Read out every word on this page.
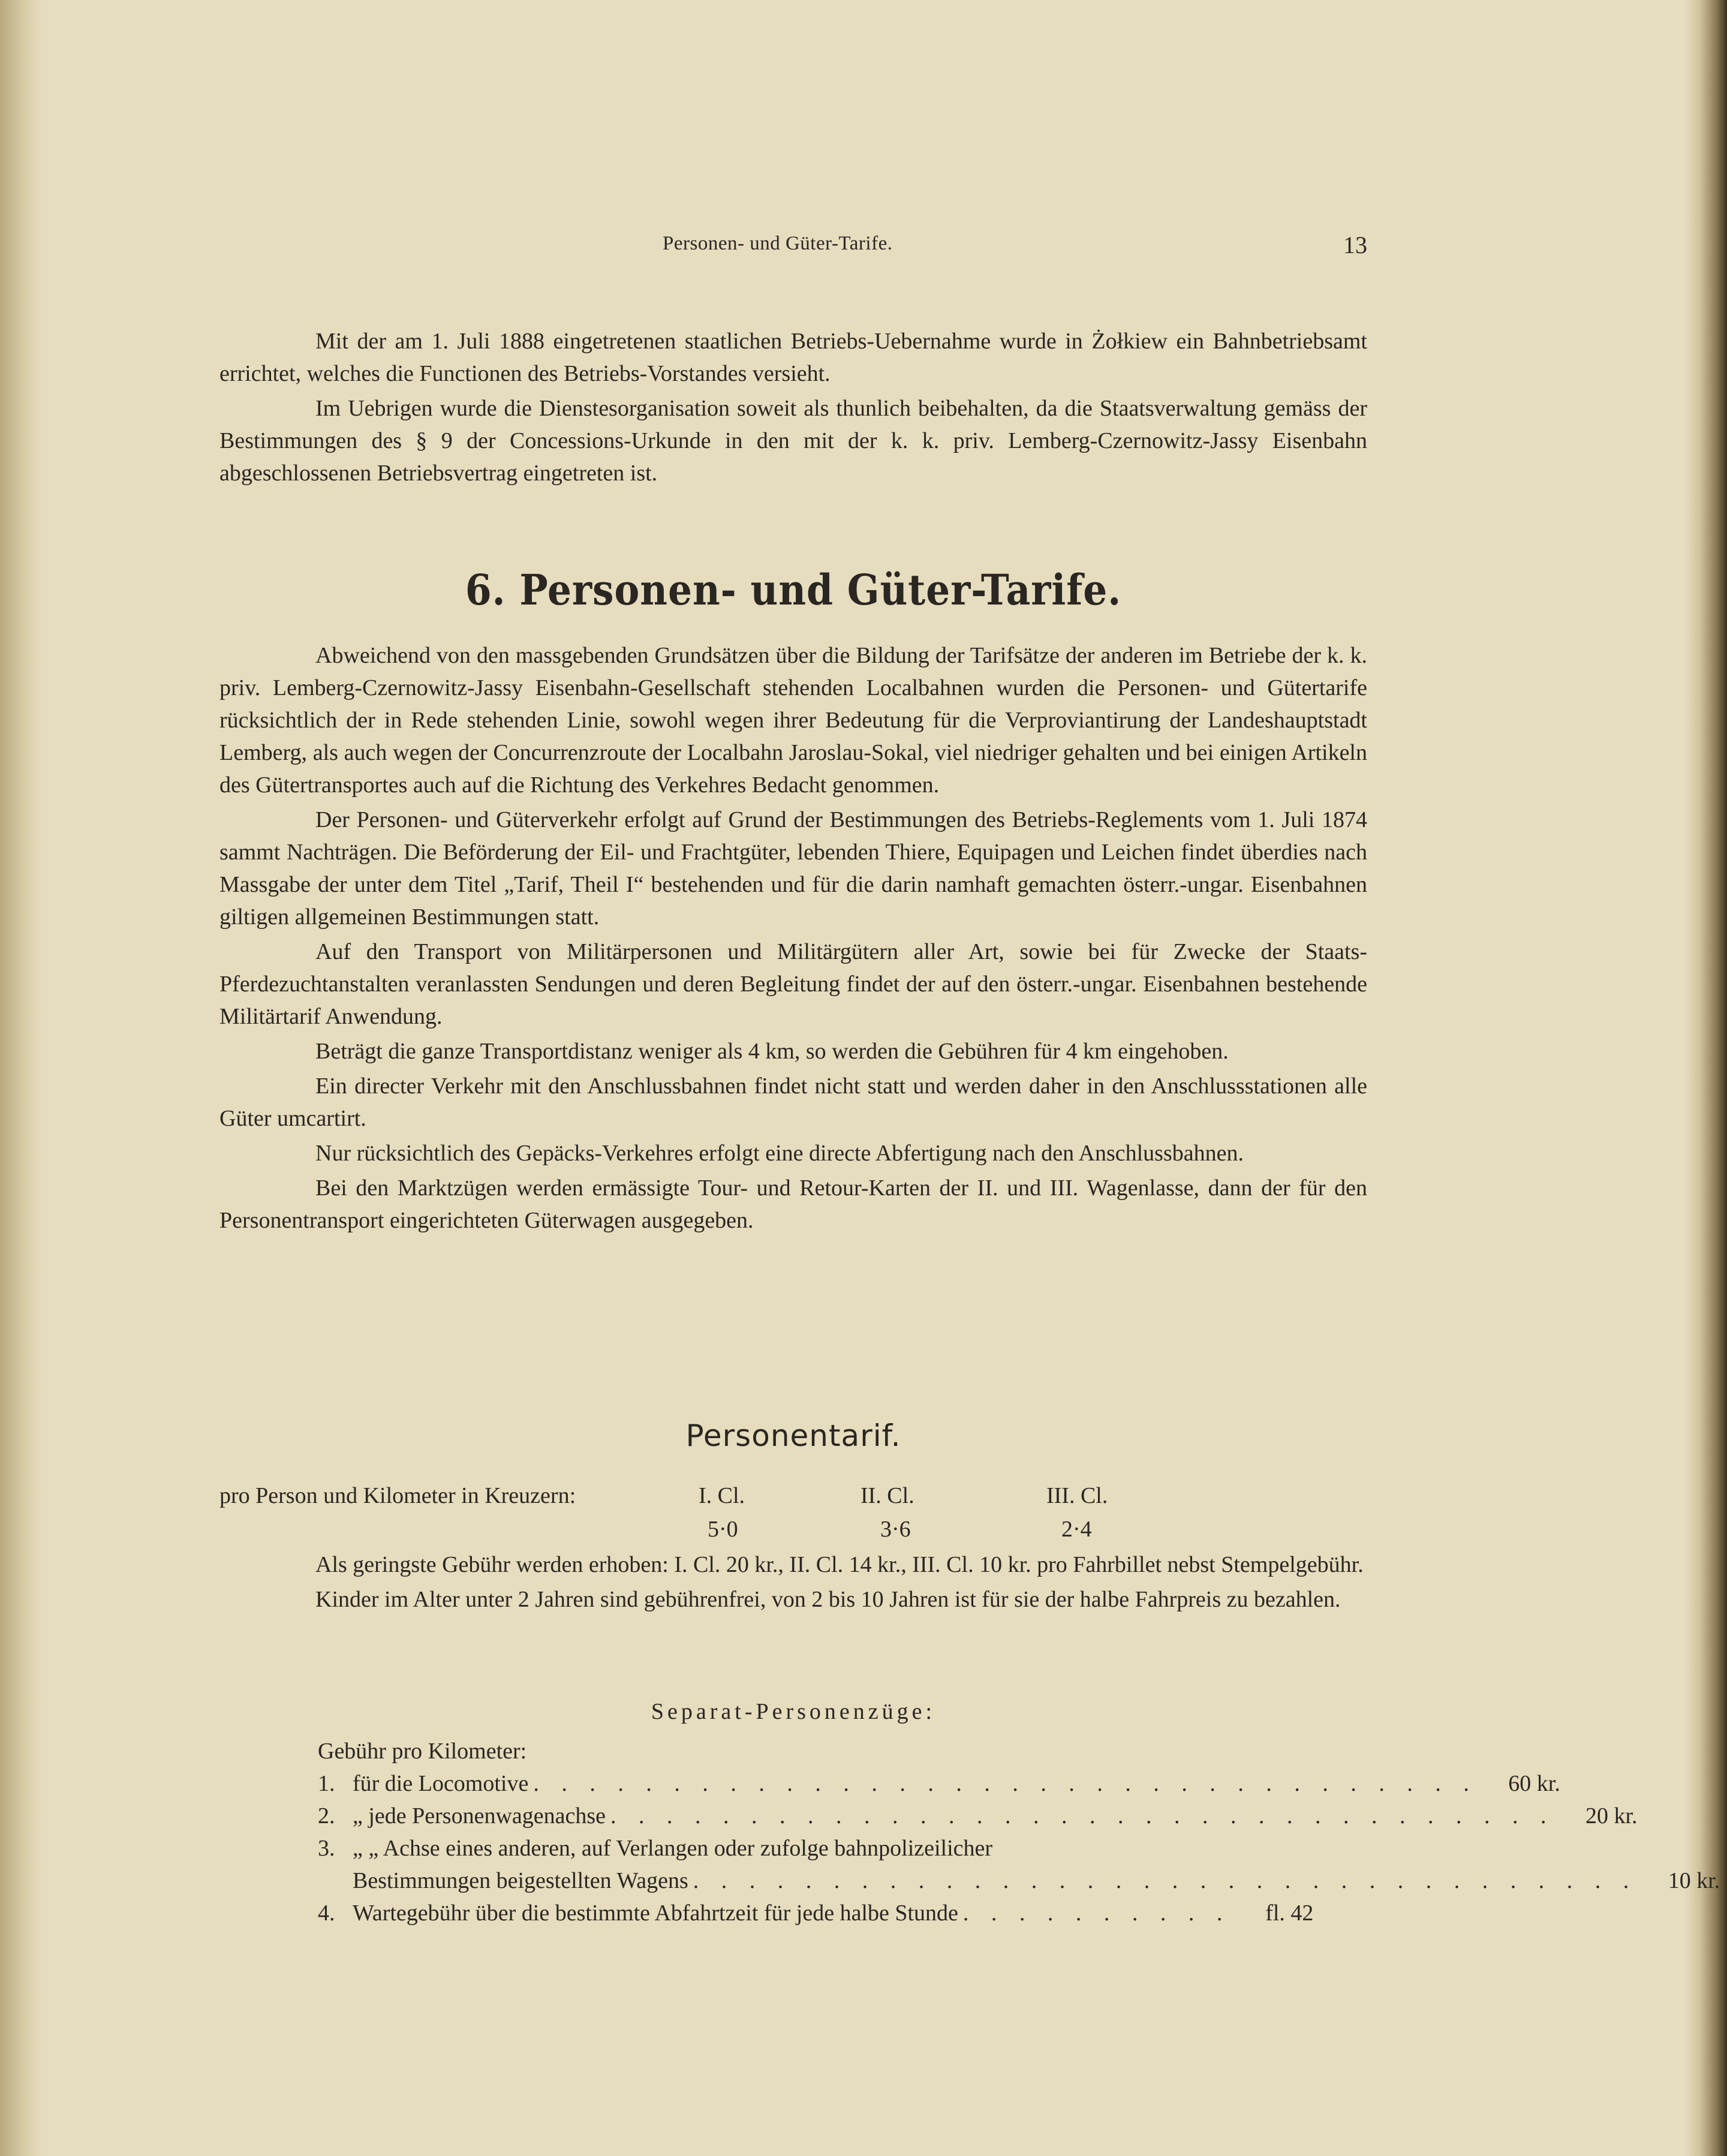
Personen- und Güter-Tarife.	13

Mit der am 1. Juli 1888 eingetretenen staatlichen Betriebs-Uebernahme wurde in Żołkiew ein Bahnbetriebsamt errichtet, welches die Functionen des Betriebs-Vorstandes versieht.

Im Uebrigen wurde die Dienstesorganisation soweit als thunlich beibehalten, da die Staatsverwaltung gemäss der Bestimmungen des § 9 der Concessions-Urkunde in den mit der k. k. priv. Lemberg-Czernowitz-Jassy Eisenbahn abgeschlossenen Betriebsvertrag eingetreten ist.

6. Personen- und Güter-Tarife.

Abweichend von den massgebenden Grundsätzen über die Bildung der Tarifsätze der anderen im Betriebe der k. k. priv. Lemberg-Czernowitz-Jassy Eisenbahn-Gesellschaft stehenden Localbahnen wurden die Personen- und Gütertarife rücksichtlich der in Rede stehenden Linie, sowohl wegen ihrer Bedeutung für die Verproviantirung der Landeshauptstadt Lemberg, als auch wegen der Concurrenzroute der Localbahn Jaroslau-Sokal, viel niedriger gehalten und bei einigen Artikeln des Gütertransportes auch auf die Richtung des Verkehres Bedacht genommen.

Der Personen- und Güterverkehr erfolgt auf Grund der Bestimmungen des Betriebs-Reglements vom 1. Juli 1874 sammt Nachträgen. Die Beförderung der Eil- und Frachtgüter, lebenden Thiere, Equipagen und Leichen findet überdies nach Massgabe der unter dem Titel „Tarif, Theil I“ bestehenden und für die darin namhaft gemachten österr.-ungar. Eisenbahnen giltigen allgemeinen Bestimmungen statt.

Auf den Transport von Militärpersonen und Militärgütern aller Art, sowie bei für Zwecke der Staats-Pferdezuchtanstalten veranlassten Sendungen und deren Begleitung findet der auf den österr.-ungar. Eisenbahnen bestehende Militärtarif Anwendung.

Beträgt die ganze Transportdistanz weniger als 4 km, so werden die Gebühren für 4 km eingehoben.

Ein directer Verkehr mit den Anschlussbahnen findet nicht statt und werden daher in den Anschlussstationen alle Güter umcartirt.

Nur rücksichtlich des Gepäcks-Verkehres erfolgt eine directe Abfertigung nach den Anschlussbahnen.

Bei den Marktzügen werden ermässigte Tour- und Retour-Karten der II. und III. Wagenlasse, dann der für den Personentransport eingerichteten Güterwagen ausgegeben.

Personentarif.
pro Person und Kilometer in Kreuzern:	I. Cl.	II. Cl.	III. Cl.
5·0	3·6	2·4

Als geringste Gebühr werden erhoben: I. Cl. 20 kr., II. Cl. 14 kr., III. Cl. 10 kr. pro Fahrbillet nebst Stempelgebühr.

Kinder im Alter unter 2 Jahren sind gebührenfrei, von 2 bis 10 Jahren ist für sie der halbe Fahrpreis zu bezahlen.

Separat-Personenzüge:

Gebühr pro Kilometer:

1. für die Locomotive . . . . . . . . . . . . . . . . . . . . . . . . . . . . . . . . . .	60 kr.
2. „ jede Personenwagenachse . . . . . . . . . . . . . . . . . . . . . . . . . . . . . . . . . .	20 kr.
3. „ „ Achse eines anderen, auf Verlangen oder zufolge bahnpolizeilicher
Bestimmungen beigestellten Wagens . . . . . . . . . . . . . . . . . . . . . . . . . . . . . . . . . .	10 kr.
4. Wartegebühr über die bestimmte Abfahrtzeit für jede halbe Stunde . . . . . . . . . .	fl. 42
